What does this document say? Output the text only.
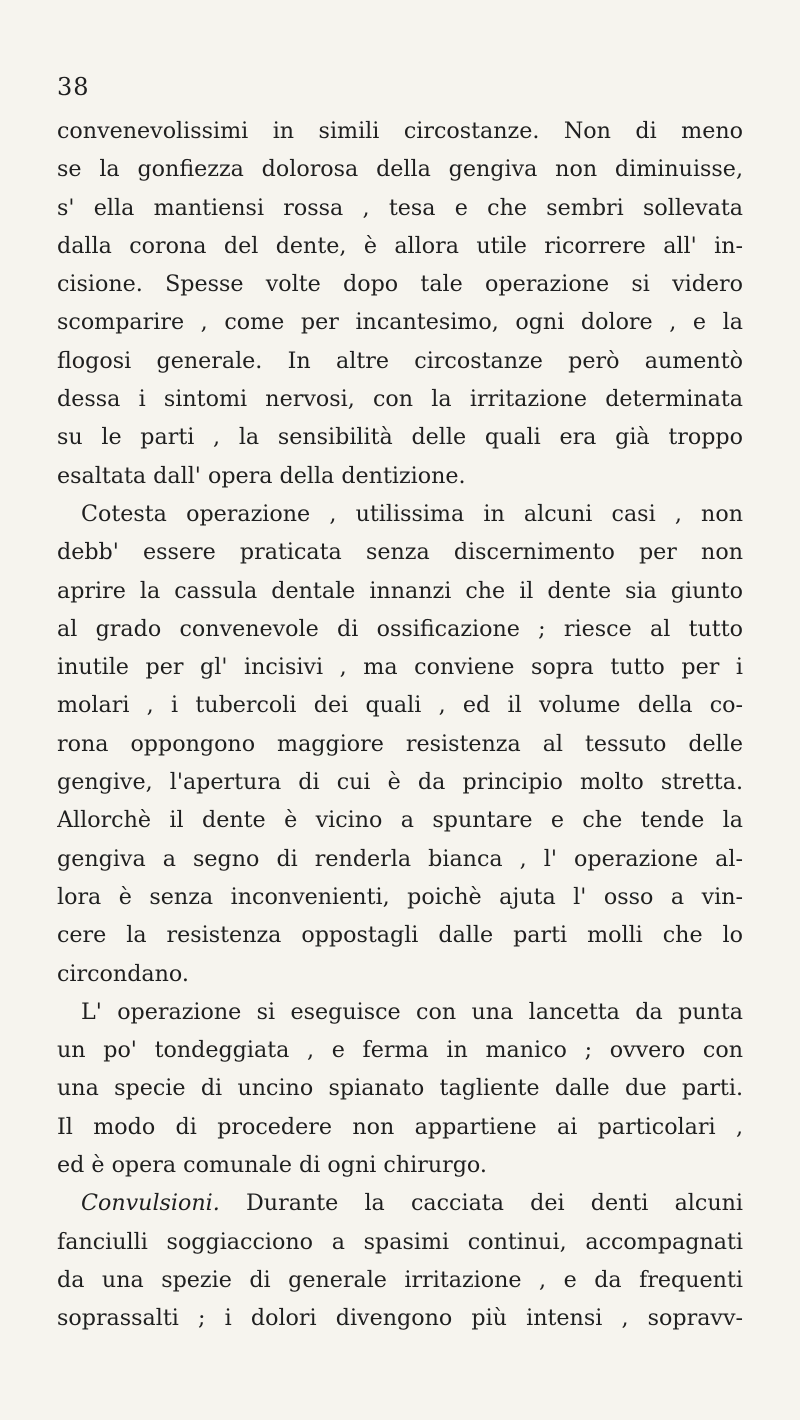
38
convenevolissimi in simili circostanze. Non di meno
se la gonfiezza dolorosa della gengiva non diminuisse,
s' ella mantiensi rossa , tesa e che sembri sollevata
dalla corona del dente, è allora utile ricorrere all' in-
cisione. Spesse volte dopo tale operazione si videro
scomparire , come per incantesimo, ogni dolore , e la
flogosi generale. In altre circostanze però aumentò
dessa i sintomi nervosi, con la irritazione determinata
su le parti , la sensibilità delle quali era già troppo
esaltata dall' opera della dentizione.
Cotesta operazione , utilissima in alcuni casi , non
debb' essere praticata senza discernimento per non
aprire la cassula dentale innanzi che il dente sia giunto
al grado convenevole di ossificazione ; riesce al tutto
inutile per gl' incisivi , ma conviene sopra tutto per i
molari , i tubercoli dei quali , ed il volume della co-
rona oppongono maggiore resistenza al tessuto delle
gengive, l'apertura di cui è da principio molto stretta.
Allorchè il dente è vicino a spuntare e che tende la
gengiva a segno di renderla bianca , l' operazione al-
lora è senza inconvenienti, poichè ajuta l' osso a vin-
cere la resistenza oppostagli dalle parti molli che lo
circondano.
L' operazione si eseguisce con una lancetta da punta
un po' tondeggiata , e ferma in manico ; ovvero con
una specie di uncino spianato tagliente dalle due parti.
Il modo di procedere non appartiene ai particolari ,
ed è opera comunale di ogni chirurgo.
Convulsioni. Durante la cacciata dei denti alcuni
fanciulli soggiacciono a spasimi continui, accompagnati
da una spezie di generale irritazione , e da frequenti
soprassalti ; i dolori divengono più intensi , sopravv-
